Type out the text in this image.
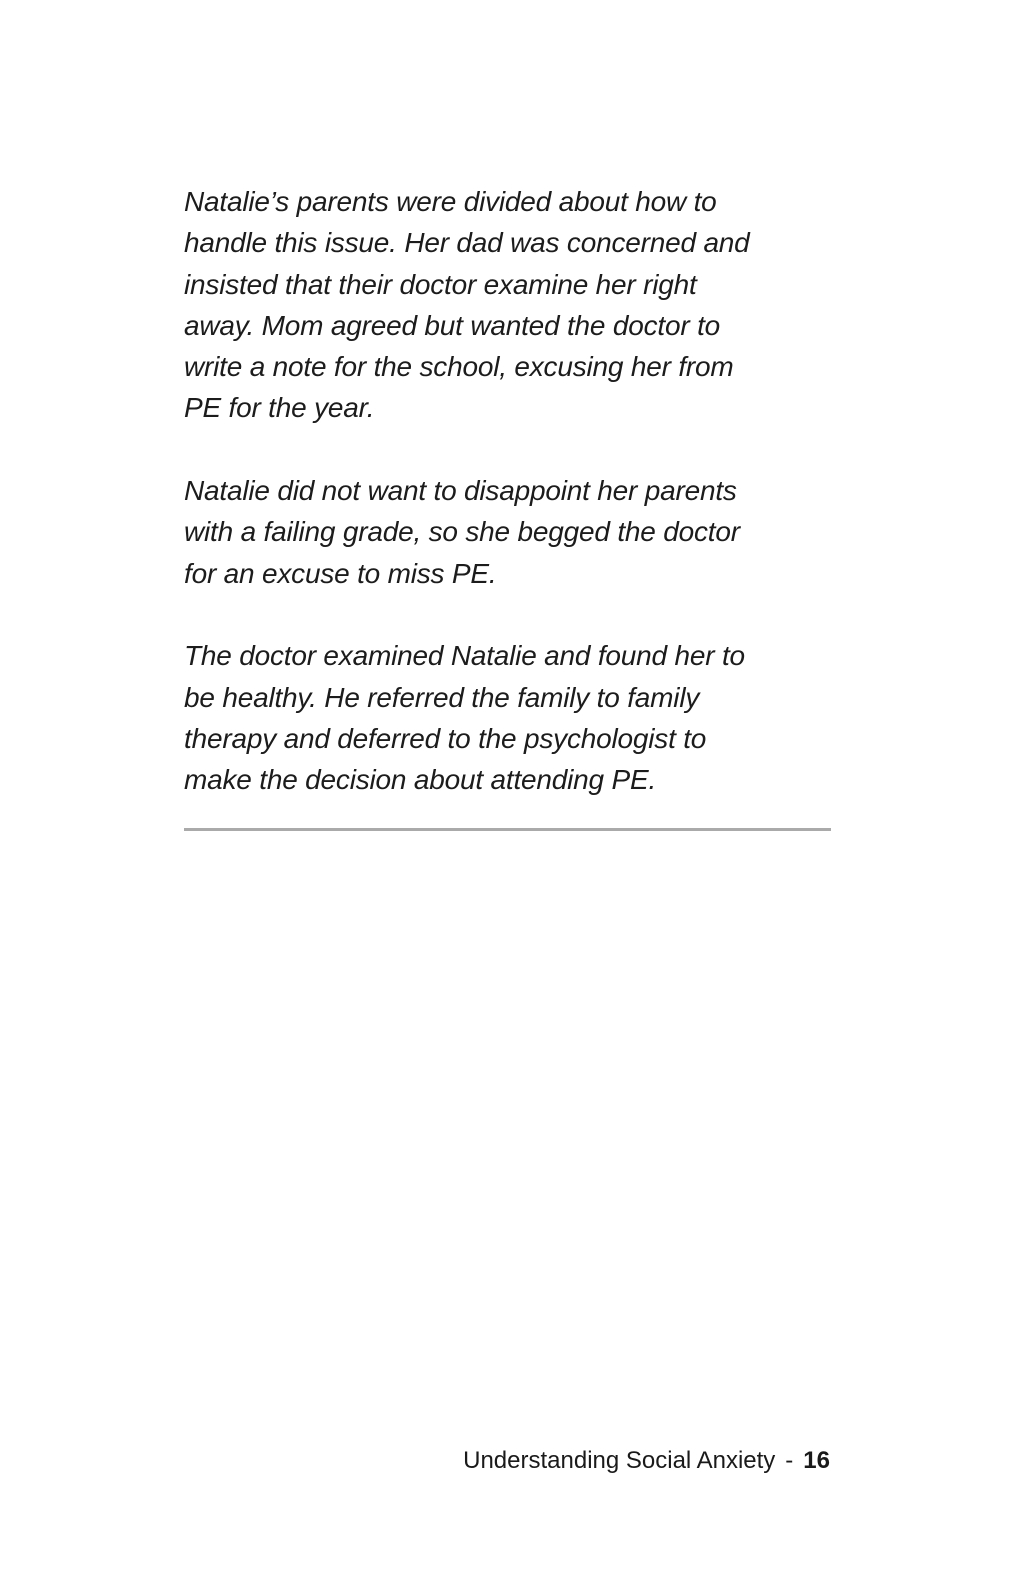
Natalie’s parents were divided about how to
handle this issue. Her dad was concerned and
insisted that their doctor examine her right
away. Mom agreed but wanted the doctor to
write a note for the school, excusing her from
PE for the year.

Natalie did not want to disappoint her parents
with a failing grade, so she begged the doctor
for an excuse to miss PE.

The doctor examined Natalie and found her to
be healthy. He referred the family to family
therapy and deferred to the psychologist to
make the decision about attending PE.

Understanding Social Anxiety - 16
